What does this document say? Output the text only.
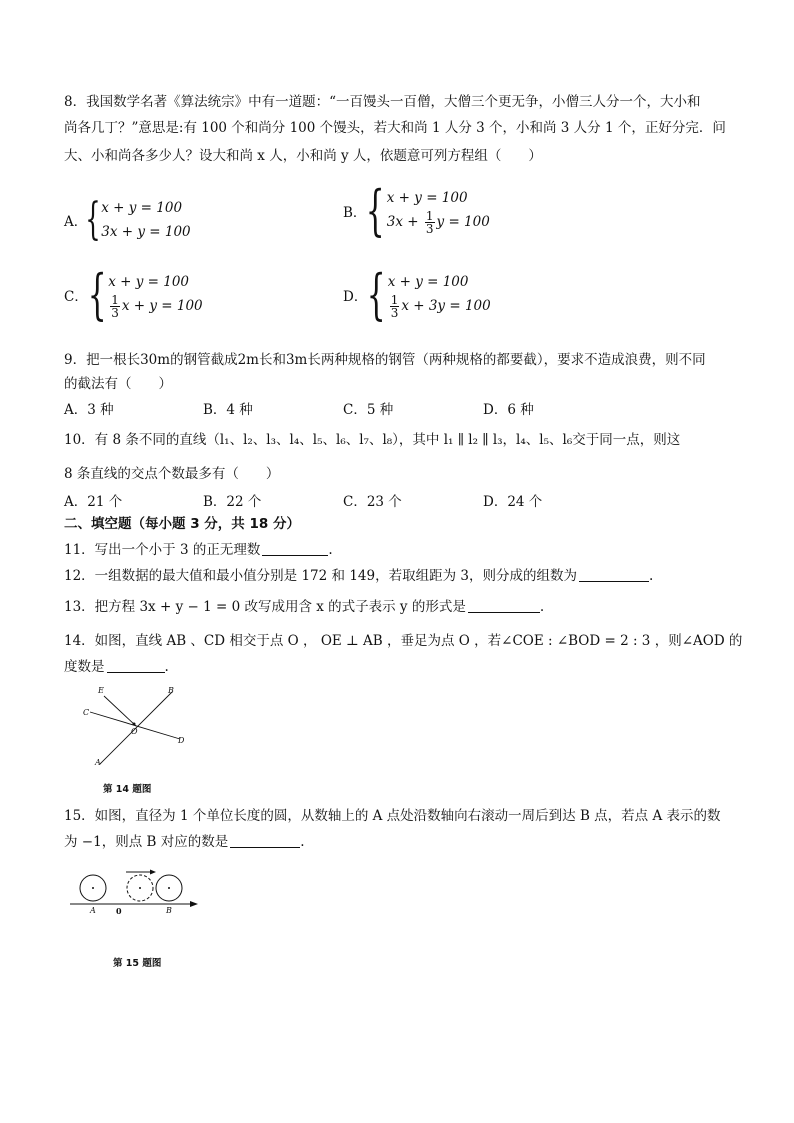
8．我国数学名著《算法统宗》中有一道题：“一百馒头一百僧，大僧三个更无争，小僧三人分一个，大小和
尚各几丁？”意思是:有 100 个和尚分 100 个馒头，若大和尚 1 人分 3 个，小和尚 3 人分 1 个，正好分完．问
大、小和尚各多少人？设大和尚 x 人，小和尚 y 人，依题意可列方程组（　　）
A．
{ x + y = 100
3x + y = 100
B． { x + y = 100
$3x + \frac{1}{3}$ y = 100
C． { x + y = 100
$\frac{1}{3}$ x + y = 100
D． { x + y = 100
$\frac{1}{3}$ x + 3y = 100
9．把一根长30m的钢管截成2m长和3m长两种规格的钢管（两种规格的都要截），要求不造成浪费，则不同
的截法有（　　）
A．3 种	B．4 种	C．5 种	D．6 种
10．有 8 条不同的直线（l₁、l₂、l₃、l₄、l₅、l₆、l₇、l₈），其中 l₁ ∥ l₂ ∥ l₃，l₄、l₅、l₆交于同一点，则这
8 条直线的交点个数最多有（　　）
A．21 个	B．22 个	C．23 个	D．24 个
二、填空题（每小题 3 分，共 18 分）
11．写出一个小于 3 的正无理数	.
12．一组数据的最大值和最小值分别是 172 和 149，若取组距为 3，则分成的组数为	.
13．把方程 3x + y − 1 = 0 改写成用含 x 的式子表示 y 的形式是	.
14．如图，直线 AB 、CD 相交于点 O ， OE ⊥ AB ，垂足为点 O ，若∠COE : ∠BOD = 2 : 3 ，则∠AOD 的
度数是	.
E	B
C
O
D
A
第 14 题图
15．如图，直径为 1 个单位长度的圆，从数轴上的 A 点处沿数轴向右滚动一周后到达 B 点，若点 A 表示的数
为 −1，则点 B 对应的数是	.
A	0	B
第 15 题图
